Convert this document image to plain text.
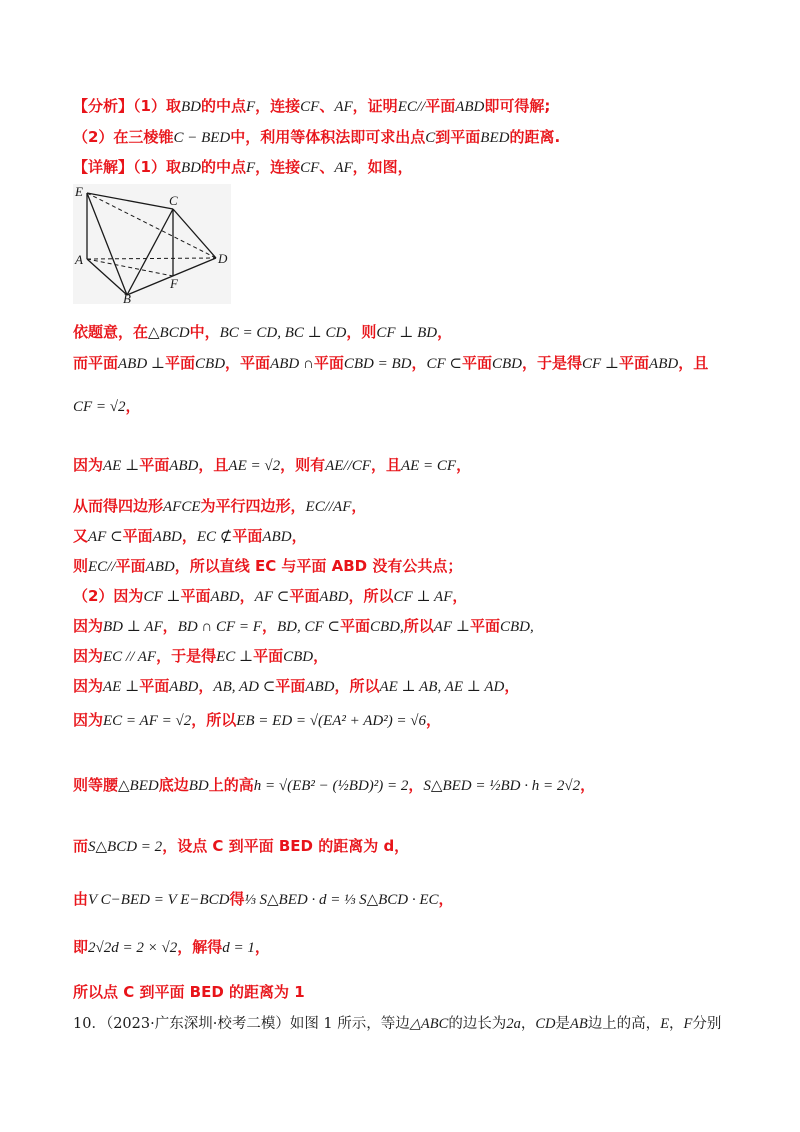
【分析】（1）取BD的中点F，连接CF、AF，证明EC//平面ABD即可得解;
（2）在三棱锥C − BED中，利用等体积法即可求出点C到平面BED的距离.
【详解】（1）取BD的中点F，连接CF、AF，如图，
E
C
A	D
B
F
依题意，在△BCD中，BC = CD, BC ⊥ CD，则CF ⊥ BD，
而平面ABD ⊥平面CBD，平面ABD ∩平面CBD = BD，CF ⊂平面CBD，于是得CF ⊥平面ABD，且
CF = √2，
因为AE ⊥平面ABD，且AE = √2，则有AE//CF，且AE = CF，
从而得四边形AFCE为平行四边形，EC//AF，
又AF ⊂平面ABD，EC ⊄平面ABD，
则EC//平面ABD，所以直线 EC 与平面 ABD 没有公共点；
（2）因为CF ⊥平面ABD，AF ⊂平面ABD，所以CF ⊥ AF，
因为BD ⊥ AF，BD ∩ CF = F，BD, CF ⊂平面CBD,所以AF ⊥平面CBD,
因为EC // AF，于是得EC ⊥平面CBD，
因为AE ⊥平面ABD，AB, AD ⊂平面ABD，所以AE ⊥ AB, AE ⊥ AD，
因为EC = AF = √2，所以EB = ED = √(EA² + AD²) = √6，
则等腰△BED底边BD上的高h = √(EB² − (½BD)²) = 2，S△BED = ½BD · h = 2√2，
而S△BCD = 2，设点 C 到平面 BED 的距离为 d，
由V C−BED = V E−BCD得⅓ S△BED · d = ⅓ S△BCD · EC，
即2√2d = 2 × √2，解得d = 1，
所以点 C 到平面 BED 的距离为 1
10．（2023·广东深圳·校考二模）如图 1 所示，等边△ABC的边长为2a，CD是AB边上的高，E，F分别
